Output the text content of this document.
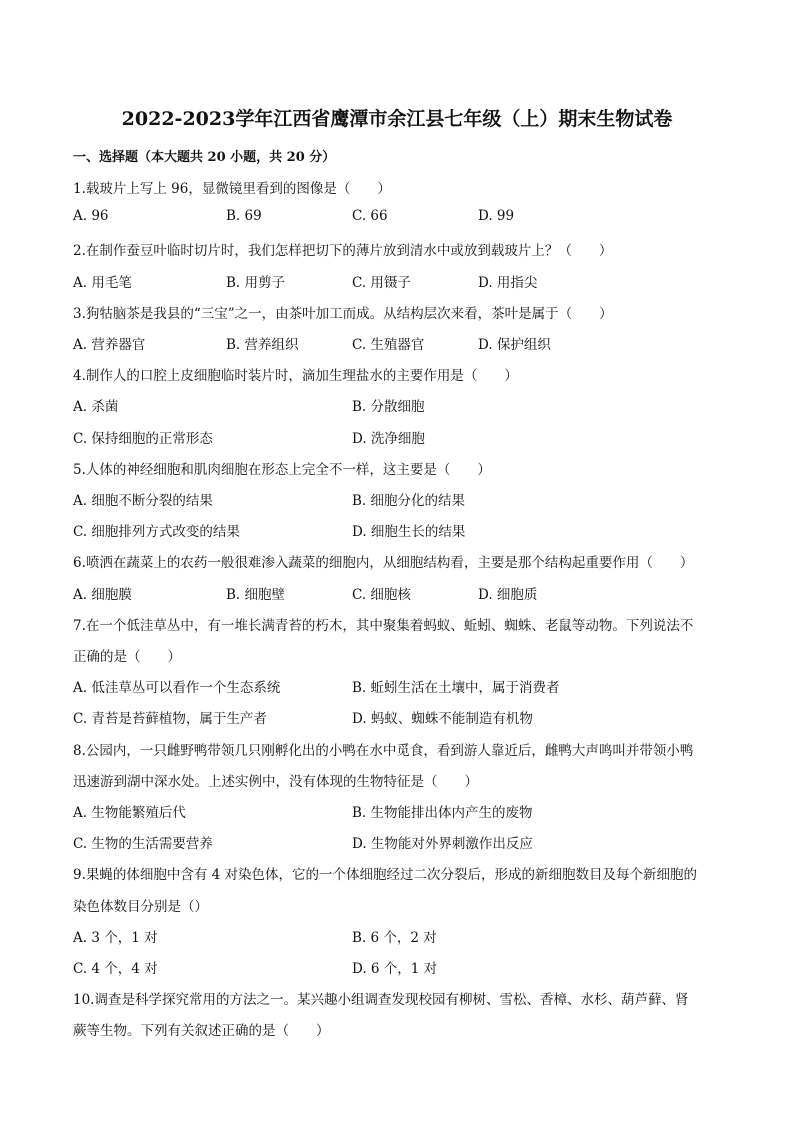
2022-2023学年江西省鹰潭市余江县七年级（上）期末生物试卷
一、选择题（本大题共 20 小题，共 20 分）
1.载玻片上写上 96，显微镜里看到的图像是（　　）
A. 96	B. 69	C. 66	D. 99
2.在制作蚕豆叶临时切片时，我们怎样把切下的薄片放到清水中或放到载玻片上？（　　）
A. 用毛笔	B. 用剪子	C. 用镊子	D. 用指尖
3.狗牯脑茶是我县的“三宝”之一，由茶叶加工而成。从结构层次来看，茶叶是属于（　　）
A. 营养器官	B. 营养组织	C. 生殖器官	D. 保护组织
4.制作人的口腔上皮细胞临时装片时，滴加生理盐水的主要作用是（　　）
A. 杀菌	B. 分散细胞
C. 保持细胞的正常形态	D. 洗净细胞
5.人体的神经细胞和肌肉细胞在形态上完全不一样，这主要是（　　）
A. 细胞不断分裂的结果	B. 细胞分化的结果
C. 细胞排列方式改变的结果	D. 细胞生长的结果
6.喷洒在蔬菜上的农药一般很难渗入蔬菜的细胞内，从细胞结构看，主要是那个结构起重要作用（　　）
A. 细胞膜	B. 细胞壁	C. 细胞核	D. 细胞质
7.在一个低洼草丛中，有一堆长满青苔的朽木，其中聚集着蚂蚁、蚯蚓、蜘蛛、老鼠等动物。下列说法不
正确的是（　　）
A. 低洼草丛可以看作一个生态系统	B. 蚯蚓生活在土壤中，属于消费者
C. 青苔是苔藓植物，属于生产者	D. 蚂蚁、蜘蛛不能制造有机物
8.公园内，一只雌野鸭带领几只刚孵化出的小鸭在水中觅食，看到游人靠近后，雌鸭大声鸣叫并带领小鸭
迅速游到湖中深水处。上述实例中，没有体现的生物特征是（　　）
A. 生物能繁殖后代	B. 生物能排出体内产生的废物
C. 生物的生活需要营养	D. 生物能对外界刺激作出反应
9.果蝇的体细胞中含有 4 对染色体，它的一个体细胞经过二次分裂后，形成的新细胞数目及每个新细胞的
染色体数目分别是（）
A. 3 个，1 对	B. 6 个，2 对
C. 4 个，4 对	D. 6 个，1 对
10.调查是科学探究常用的方法之一。某兴趣小组调查发现校园有柳树、雪松、香樟、水杉、葫芦藓、肾
蕨等生物。下列有关叙述正确的是（　　）
